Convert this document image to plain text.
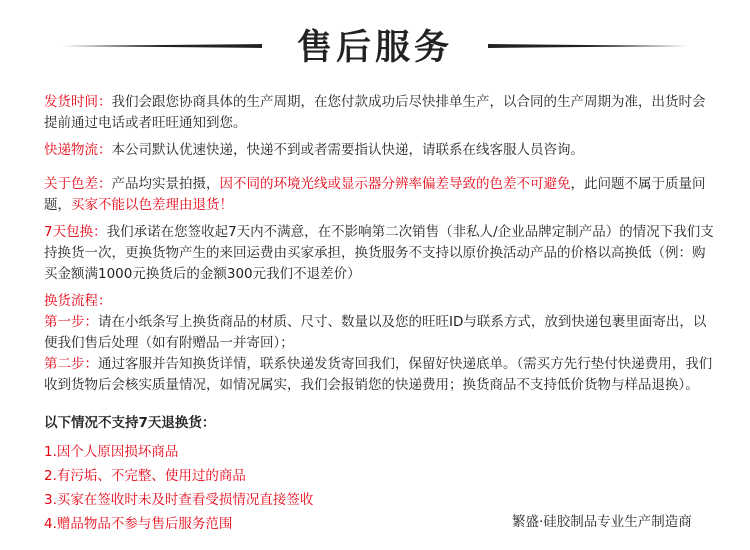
售后服务
发货时间：我们会跟您协商具体的生产周期，在您付款成功后尽快排单生产，以合同的生产周期为准，出货时会提前通过电话或者旺旺通知到您。
快递物流：本公司默认优速快递，快递不到或者需要指认快递，请联系在线客服人员咨询。
关于色差：产品均实景拍摄，因不同的环境光线或显示器分辨率偏差导致的色差不可避免，此问题不属于质量问题，买家不能以色差理由退货！
7天包换：我们承诺在您签收起7天内不满意，在不影响第二次销售（非私人/企业品牌定制产品）的情况下我们支持换货一次，更换货物产生的来回运费由买家承担，换货服务不支持以原价换活动产品的价格以高换低（例：购买金额满1000元换货后的金额300元我们不退差价）
换货流程：
第一步：请在小纸条写上换货商品的材质、尺寸、数量以及您的旺旺ID与联系方式，放到快递包裹里面寄出，以便我们售后处理（如有附赠品一并寄回）；
第二步：通过客服并告知换货详情，联系快递发货寄回我们，保留好快递底单。（需买方先行垫付快递费用，我们收到货物后会核实质量情况，如情况属实，我们会报销您的快递费用；换货商品不支持低价货物与样品退换）。
以下情况不支持7天退换货：
1.因个人原因损坏商品
2.有污垢、不完整、使用过的商品
3.买家在签收时未及时查看受损情况直接签收
4.赠品物品不参与售后服务范围	繁盛·硅胶制品专业生产制造商
